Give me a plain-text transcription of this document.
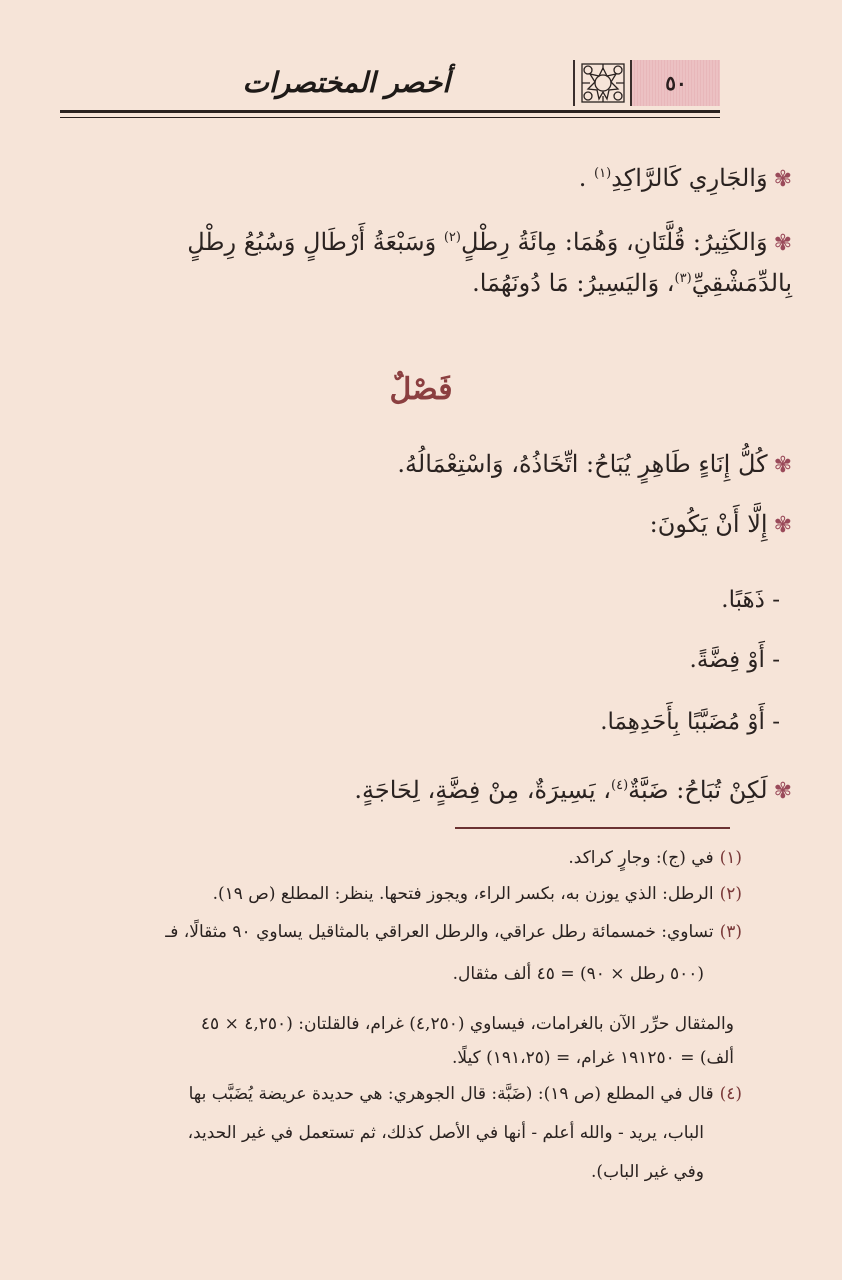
أخصر المختصرات	٥٠
✾وَالجَارِي كَالرَّاكِدِ$^{(١)}$ .
✾وَالكَثِيرُ: قُلَّتَانِ، وَهُمَا: مِائَةُ رِطْلٍ$^{(٢)}$ وَسَبْعَةُ أَرْطَالٍ وَسُبُعُ رِطْلٍ
بِالدِّمَشْقِيِّ$^{(٣)}$، وَاليَسِيرُ: مَا دُونَهُمَا.
✾كُلُّ إِنَاءٍ طَاهِرٍ يُبَاحُ: اتِّخَاذُهُ، وَاسْتِعْمَالُهُ.
✾إِلَّا أَنْ يَكُونَ:
- ذَهَبًا.
- أَوْ فِضَّةً.
- أَوْ مُضَبَّبًا بِأَحَدِهِمَا.
✾لَكِنْ تُبَاحُ: ضَبَّةٌ$^{(٤)}$، يَسِيرَةٌ، مِنْ فِضَّةٍ، لِحَاجَةٍ.
فَصْلٌ
(١)في (ج): وجارٍ كراكد.
(٢)الرطل: الذي يوزن به، بكسر الراء، ويجوز فتحها. ينظر: المطلع (ص ١٩).
(٣)تساوي: خمسمائة رطل عراقي، والرطل العراقي بالمثاقيل يساوي ٩٠ مثقالًا، فـ
(٥٠٠ رطل × ٩٠) = ٤٥ ألف مثقال.
والمثقال حرِّر الآن بالغرامات، فيساوي (٤,٢٥٠) غرام، فالقلتان: (٤,٢٥٠ × ٤٥
ألف) = ١٩١٢٥٠ غرام، = (١٩١،٢٥) كيلًا.
(٤)قال في المطلع (ص ١٩): (ضَبَّة: قال الجوهري: هي حديدة عريضة يُضَبَّب بها
الباب، يريد - والله أعلم - أنها في الأصل كذلك، ثم تستعمل في غير الحديد،
وفي غير الباب).
